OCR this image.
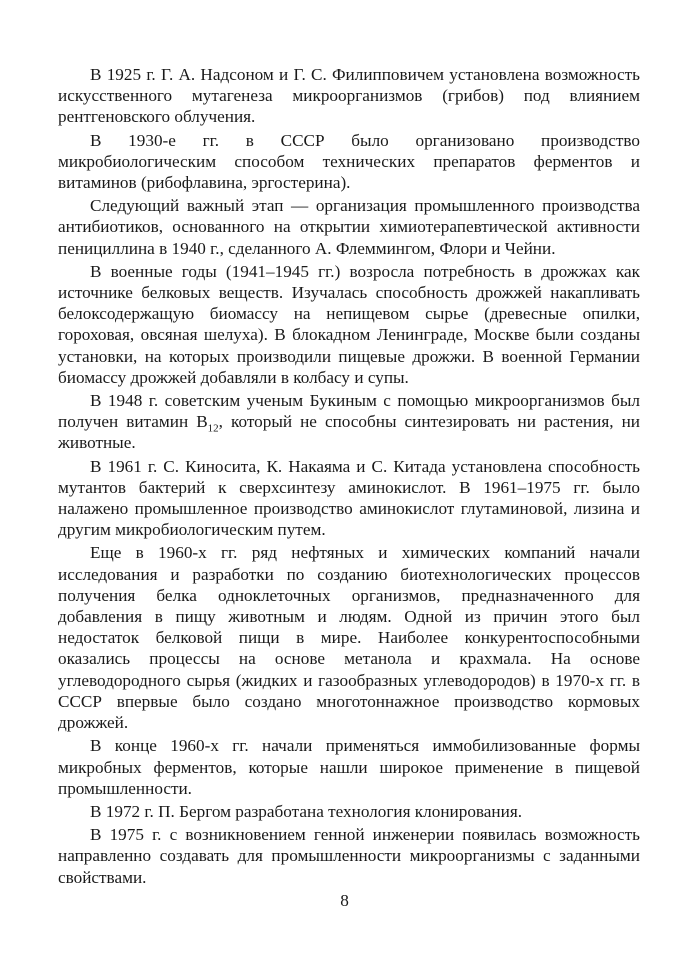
В 1925 г. Г. А. Надсоном и Г. С. Филипповичем установлена возможность искусственного мутагенеза микроорганизмов (грибов) под влиянием рентгеновского облучения.

В 1930-е гг. в СССР было организовано производство микробиологическим способом технических препаратов ферментов и витаминов (рибофлавина, эргостерина).

Следующий важный этап — организация промышленного производства антибиотиков, основанного на открытии химиотерапевтической активности пенициллина в 1940 г., сделанного А. Флеммингом, Флори и Чейни.

В военные годы (1941–1945 гг.) возросла потребность в дрожжах как источнике белковых веществ. Изучалась способность дрожжей накапливать белоксодержащую биомассу на непищевом сырье (древесные опилки, гороховая, овсяная шелуха). В блокадном Ленинграде, Москве были созданы установки, на которых производили пищевые дрожжи. В военной Германии биомассу дрожжей добавляли в колбасу и супы.

В 1948 г. советским ученым Букиным с помощью микроорганизмов был получен витамин $В_{12}$, который не способны синтезировать ни растения, ни животные.

В 1961 г. С. Киносита, К. Накаяма и С. Китада установлена способность мутантов бактерий к сверхсинтезу аминокислот. В 1961–1975 гг. было налажено промышленное производство аминокислот глутаминовой, лизина и другим микробиологическим путем.

Еще в 1960-х гг. ряд нефтяных и химических компаний начали исследования и разработки по созданию биотехнологических процессов получения белка одноклеточных организмов, предназначенного для добавления в пищу животным и людям. Одной из причин этого был недостаток белковой пищи в мире. Наиболее конкурентоспособными оказались процессы на основе метанола и крахмала. На основе углеводородного сырья (жидких и газообразных углеводородов) в 1970-х гг. в СССР впервые было создано многотоннажное производство кормовых дрожжей.

В конце 1960-х гг. начали применяться иммобилизованные формы микробных ферментов, которые нашли широкое применение в пищевой промышленности.

В 1972 г. П. Бергом разработана технология клонирования.

В 1975 г. с возникновением генной инженерии появилась возможность направленно создавать для промышленности микроорганизмы с заданными свойствами.

8
